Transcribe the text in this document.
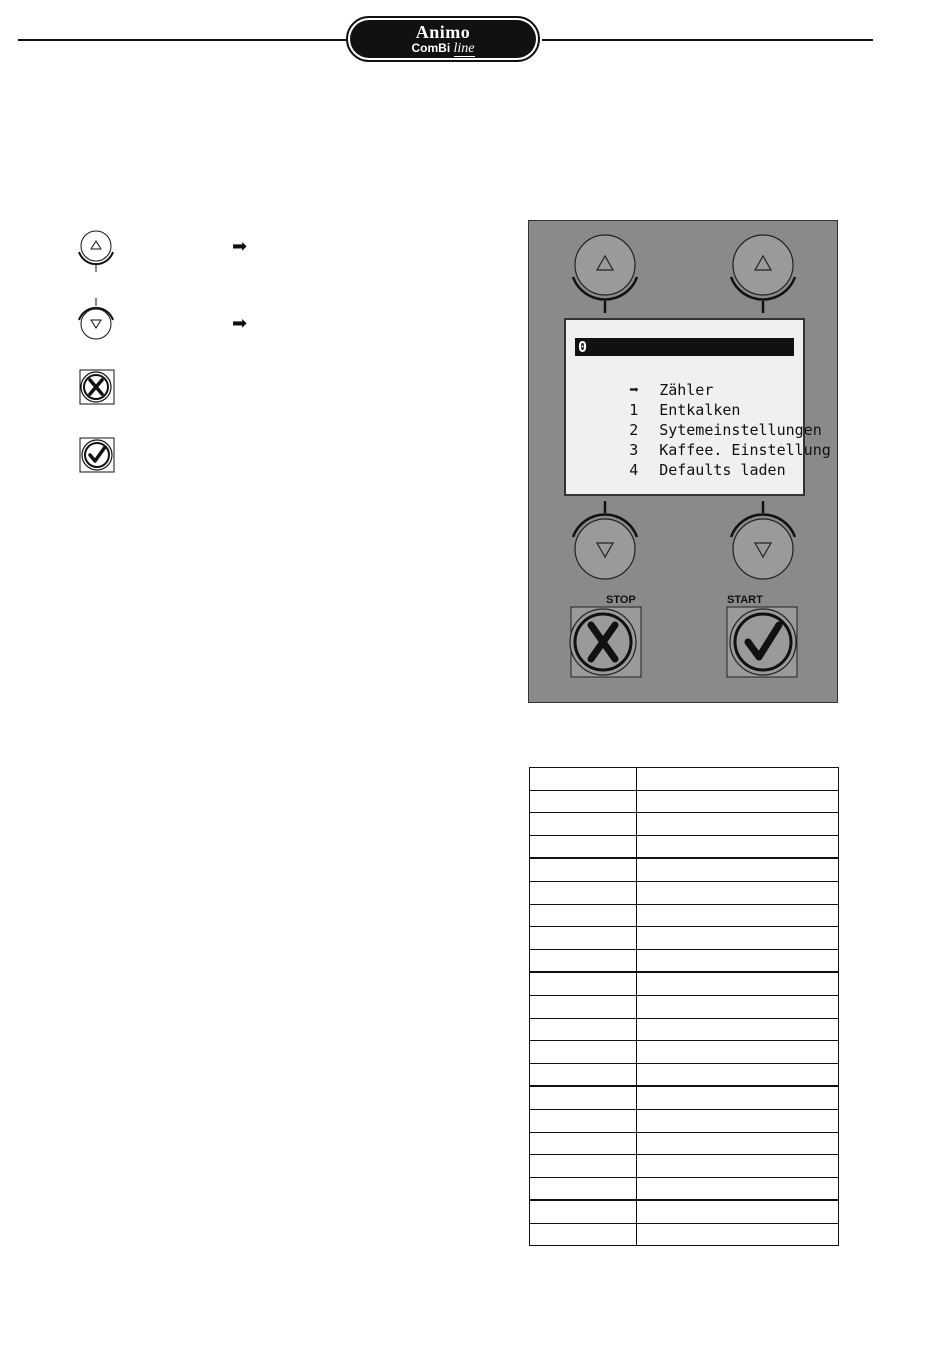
Animo
ComBi line
➡
➡
STOP	START
0

➡ Zähler

1 Entkalken

2 Sytemeinstellungen

3 Kaffee. Einstellung

4 Defaults laden
